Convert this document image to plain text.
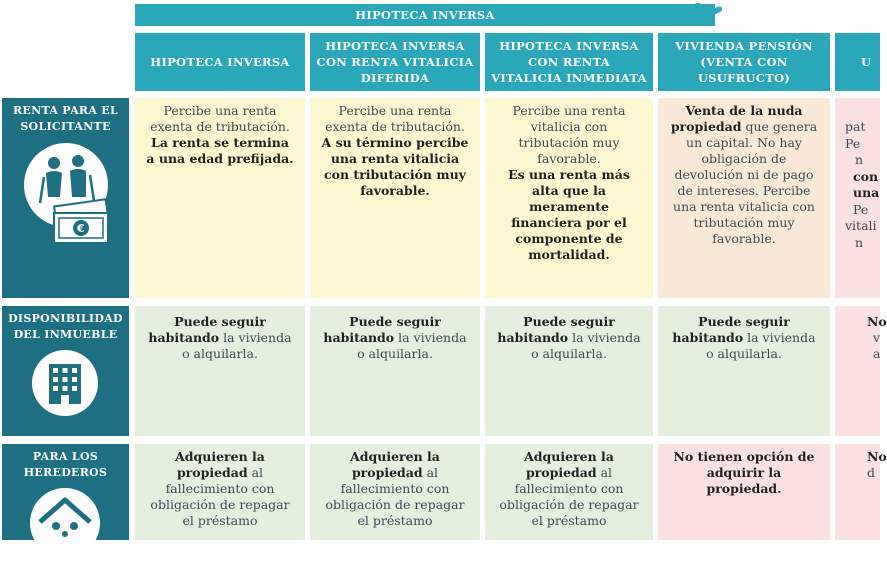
HIPOTECA INVERSA
HIPOTECA INVERSA
HIPOTECA INVERSA CON RENTA VITALICIA DIFERIDA
HIPOTECA INVERSA CON RENTA VITALICIA INMEDIATA
VIVIENDA PENSIÓN (VENTA CON USUFRUCTO)
U
RENTA PARA EL SOLICITANTE
€
DISPONIBILIDAD DEL INMUEBLE
PARA LOS HEREDEROS
Percibe una renta exenta de tributación.
La renta se termina a una edad prefijada.
Percibe una renta exenta de tributación.
A su término percibe una renta vitalicia con tributación muy favorable.
Percibe una renta vitalicia con tributación muy favorable.
Es una renta más alta que la meramente financiera por el componente de mortalidad.
Venta de la nuda propiedad que genera un capital. No hay obligación de devolución ni de pago de intereses. Percibe una renta vitalicia con tributación muy favorable.
pat
Pe
n
con
una
Pe
vitali
n
Puede seguir habitando la vivienda o alquilarla.
Puede seguir habitando la vivienda o alquilarla.
Puede seguir habitando la vivienda o alquilarla.
Puede seguir habitando la vivienda o alquilarla.
No
v
a
Adquieren la propiedad al fallecimiento con obligación de repagar el préstamo
Adquieren la propiedad al fallecimiento con obligación de repagar el préstamo
Adquieren la propiedad al fallecimiento con obligación de repagar el préstamo
No tienen opción de adquirir la propiedad.
No
d
